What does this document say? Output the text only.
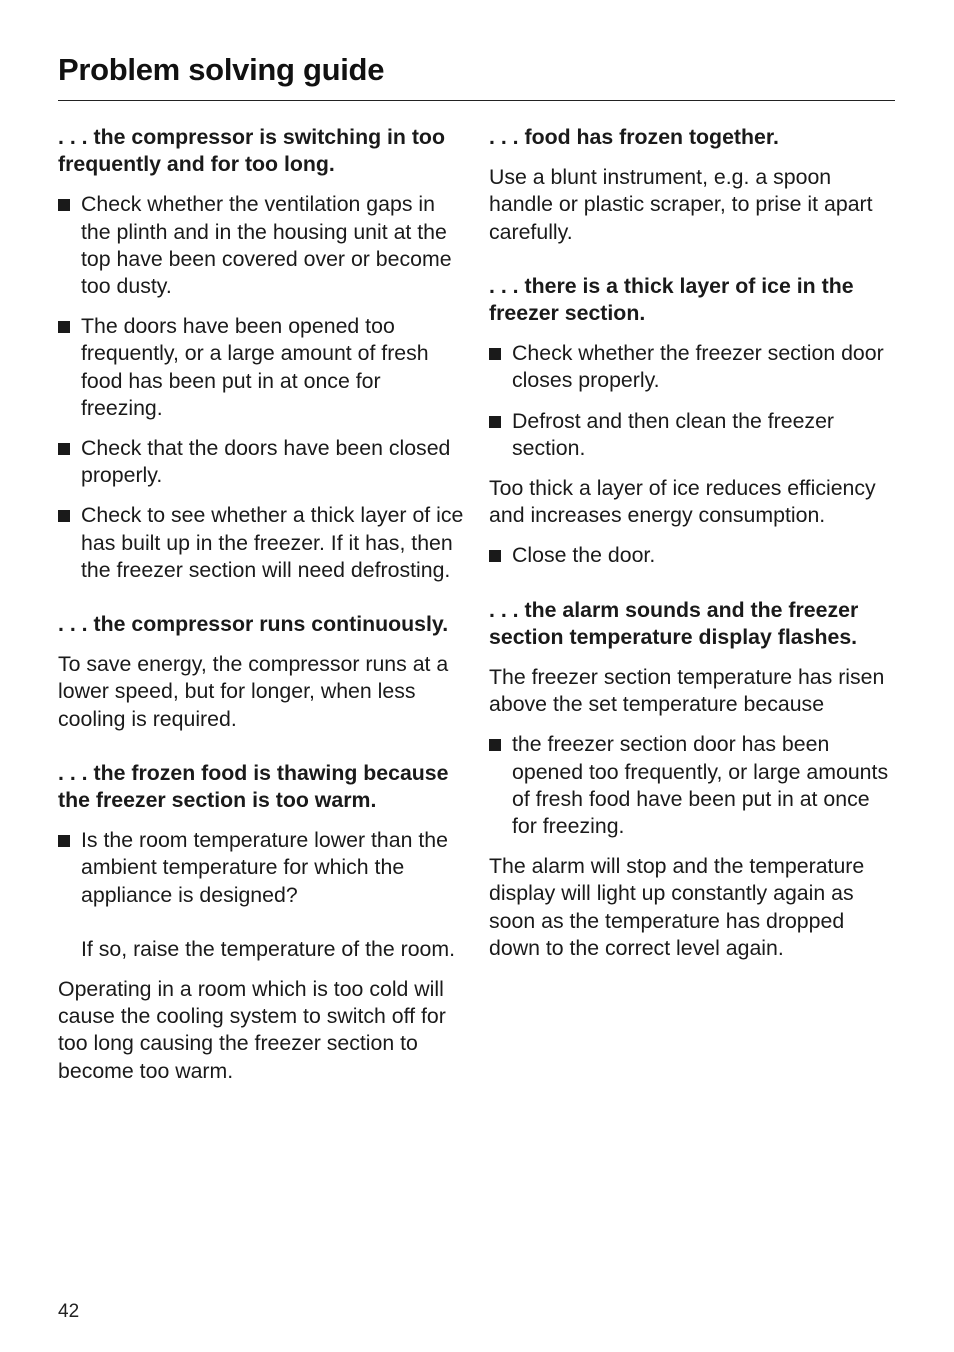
Problem solving guide
. . . the compressor is switching in too frequently and for too long.
Check whether the ventilation gaps in the plinth and in the housing unit at the top have been covered over or become too dusty.
The doors have been opened too frequently, or a large amount of fresh food has been put in at once for freezing.
Check that the doors have been closed properly.
Check to see whether a thick layer of ice has built up in the freezer. If it has, then the freezer section will need defrosting.
. . . the compressor runs continuously.
To save energy, the compressor runs at a lower speed, but for longer, when less cooling is required.
. . . the frozen food is thawing because the freezer section is too warm.
Is the room temperature lower than the ambient temperature for which the appliance is designed?
If so, raise the temperature of the room.
Operating in a room which is too cold will cause the cooling system to switch off for too long causing the freezer section to become too warm.
. . . food has frozen together.
Use a blunt instrument, e.g. a spoon handle or plastic scraper, to prise it apart carefully.
. . . there is a thick layer of ice in the freezer section.
Check whether the freezer section door closes properly.
Defrost and then clean the freezer section.
Too thick a layer of ice reduces efficiency and increases energy consumption.
Close the door.
. . . the alarm sounds and the freezer section temperature display flashes.
The freezer section temperature has risen above the set temperature because
the freezer section door has been opened too frequently, or large amounts of fresh food have been put in at once for freezing.
The alarm will stop and the temperature display will light up constantly again as soon as the temperature has dropped down to the correct level again.
42
